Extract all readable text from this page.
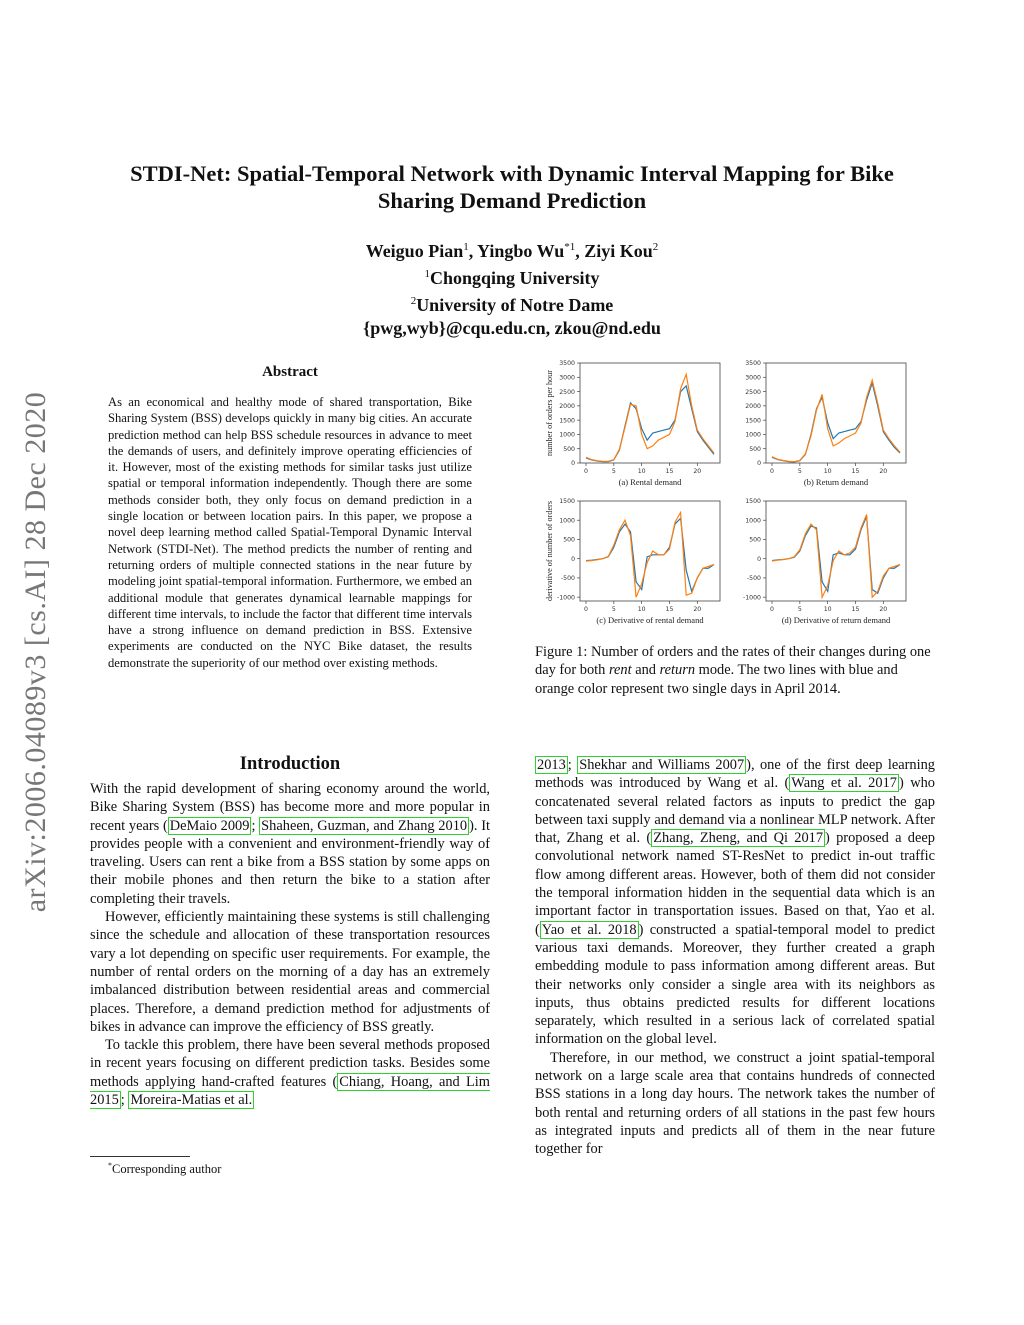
arXiv:2006.04089v3 [cs.AI] 28 Dec 2020
STDI-Net: Spatial-Temporal Network with Dynamic Interval Mapping for Bike
Sharing Demand Prediction
Weiguo Pian$^1$, Yingbo Wu$^{*1}$, Ziyi Kou$^2$
$^1$Chongqing University
$^2$University of Notre Dame
{pwg,wyb}@cqu.edu.cn, zkou@nd.edu
Abstract
As an economical and healthy mode of shared transportation, Bike Sharing System (BSS) develops quickly in many big cities. An accurate prediction method can help BSS schedule resources in advance to meet the demands of users, and definitely improve operating efficiencies of it. However, most of the existing methods for similar tasks just utilize spatial or temporal information independently. Though there are some methods consider both, they only focus on demand prediction in a single location or between location pairs. In this paper, we propose a novel deep learning method called Spatial-Temporal Dynamic Interval Network (STDI-Net). The method predicts the number of renting and returning orders of multiple connected stations in the near future by modeling joint spatial-temporal information. Furthermore, we embed an additional module that generates dynamical learnable mappings for different time intervals, to include the factor that different time intervals have a strong influence on demand prediction in BSS. Extensive experiments are conducted on the NYC Bike dataset, the results demonstrate the superiority of our method over existing methods.
Introduction

With the rapid development of sharing economy around the world, Bike Sharing System (BSS) has become more and more popular in recent years ( DeMaio 2009 ; Shaheen, Guzman, and Zhang 2010 ). It provides people with a convenient and environment-friendly way of traveling. Users can rent a bike from a BSS station by some apps on their mobile phones and then return the bike to a station after completing their travels.

However, efficiently maintaining these systems is still challenging since the schedule and allocation of these transportation resources vary a lot depending on specific user requirements. For example, the number of rental orders on the morning of a day has an extremely imbalanced distribution between residential areas and commercial places. Therefore, a demand prediction method for adjustments of bikes in advance can improve the efficiency of BSS greatly.

To tackle this problem, there have been several methods proposed in recent years focusing on different prediction tasks. Besides some methods applying hand-crafted features ( Chiang, Hoang, and Lim 2015 ; Moreira-Matias et al.

*Corresponding author
0
500
1000
1500
2000
2500
3000
3500
0	5	10	15	20
(a) Rental demand
number of orders per hour
0
500
1000
1500
2000
2500
3000
3500
0	5	10	15	20
(b) Return demand
-1000
-500
0
500
1000
1500
0	5	10	15	20
(c) Derivative of rental demand
derivative of number of orders	-1000
-500
0
500
1000
1500
0	5	10	15	20
(d) Derivative of return demand
Figure 1: Number of orders and the rates of their changes during one day for both rent and return mode. The two lines with blue and orange color represent two single days in April 2014.

2013 ; Shekhar and Williams 2007 ), one of the first deep learning methods was introduced by Wang et al. ( Wang et al. 2017 ) who concatenated several related factors as inputs to predict the gap between taxi supply and demand via a nonlinear MLP network. After that, Zhang et al. ( Zhang, Zheng, and Qi 2017 ) proposed a deep convolutional network named ST-ResNet to predict in-out traffic flow among different areas. However, both of them did not consider the temporal information hidden in the sequential data which is an important factor in transportation issues. Based on that, Yao et al. ( Yao et al. 2018 ) constructed a spatial-temporal model to predict various taxi demands. Moreover, they further created a graph embedding module to pass information among different areas. But their networks only consider a single area with its neighbors as inputs, thus obtains predicted results for different locations separately, which resulted in a serious lack of correlated spatial information on the global level.

Therefore, in our method, we construct a joint spatial-temporal network on a large scale area that contains hundreds of connected BSS stations in a long day hours. The network takes the number of both rental and returning orders of all stations in the past few hours as integrated inputs and predicts all of them in the near future together for
